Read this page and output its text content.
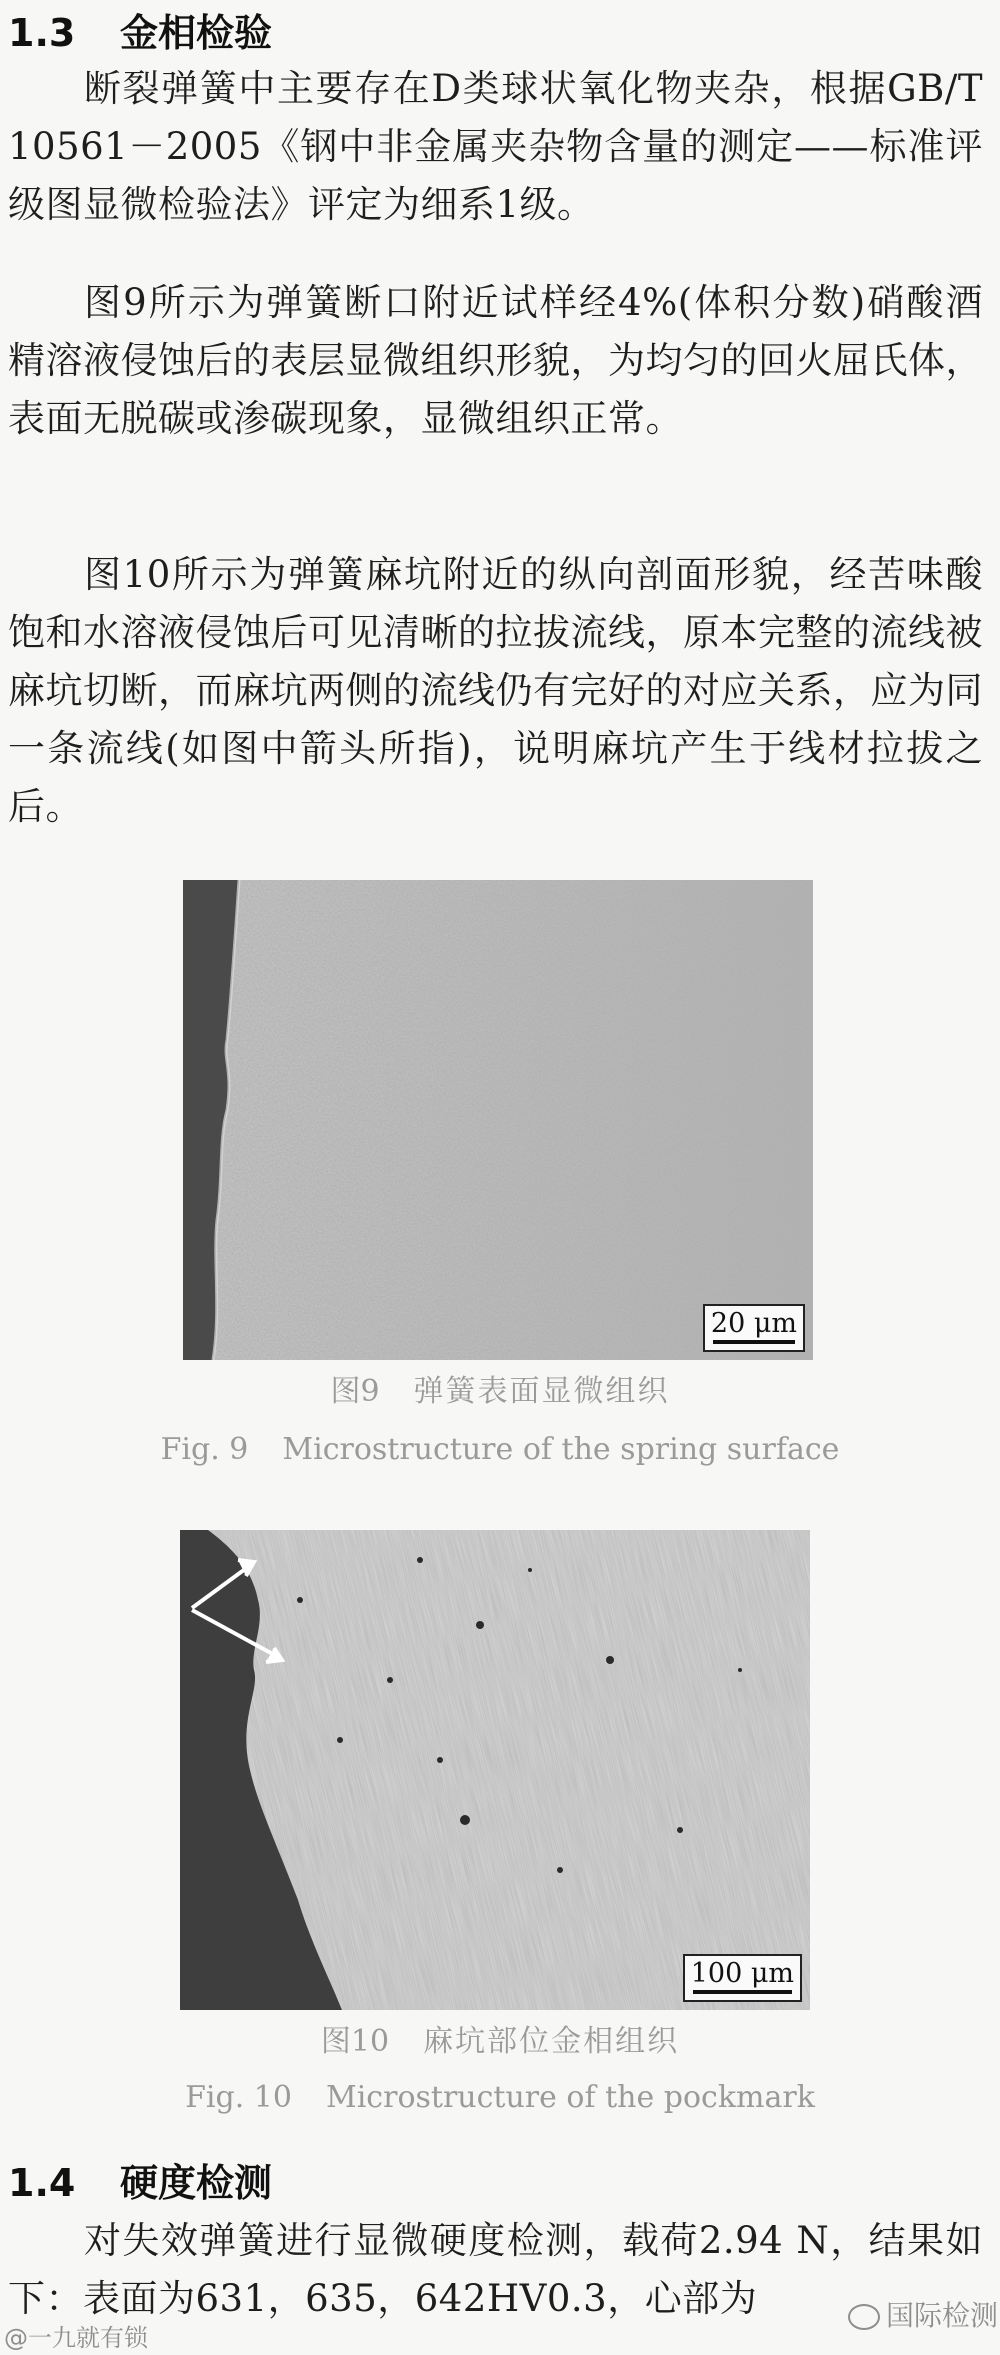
1.3 金相检验

断裂弹簧中主要存在D类球状氧化物夹杂，根据GB/T 10561－2005《钢中非金属夹杂物含量的测定——标准评级图显微检验法》评定为细系1级。

图9所示为弹簧断口附近试样经4%(体积分数)硝酸酒精溶液侵蚀后的表层显微组织形貌，为均匀的回火屈氏体，表面无脱碳或渗碳现象，显微组织正常。

图10所示为弹簧麻坑附近的纵向剖面形貌，经苦味酸饱和水溶液侵蚀后可见清晰的拉拔流线，原本完整的流线被麻坑切断，而麻坑两侧的流线仍有完好的对应关系，应为同一条流线(如图中箭头所指)，说明麻坑产生于线材拉拔之后。

20 μm

图9 弹簧表面显微组织

Fig. 9 Microstructure of the spring surface

100 μm

图10 麻坑部位金相组织

Fig. 10 Microstructure of the pockmark

1.4 硬度检测

对失效弹簧进行显微硬度检测，载荷2.94 N，结果如下：表面为631，635，642HV0.3，心部为

@一九就有锁
国际检测
